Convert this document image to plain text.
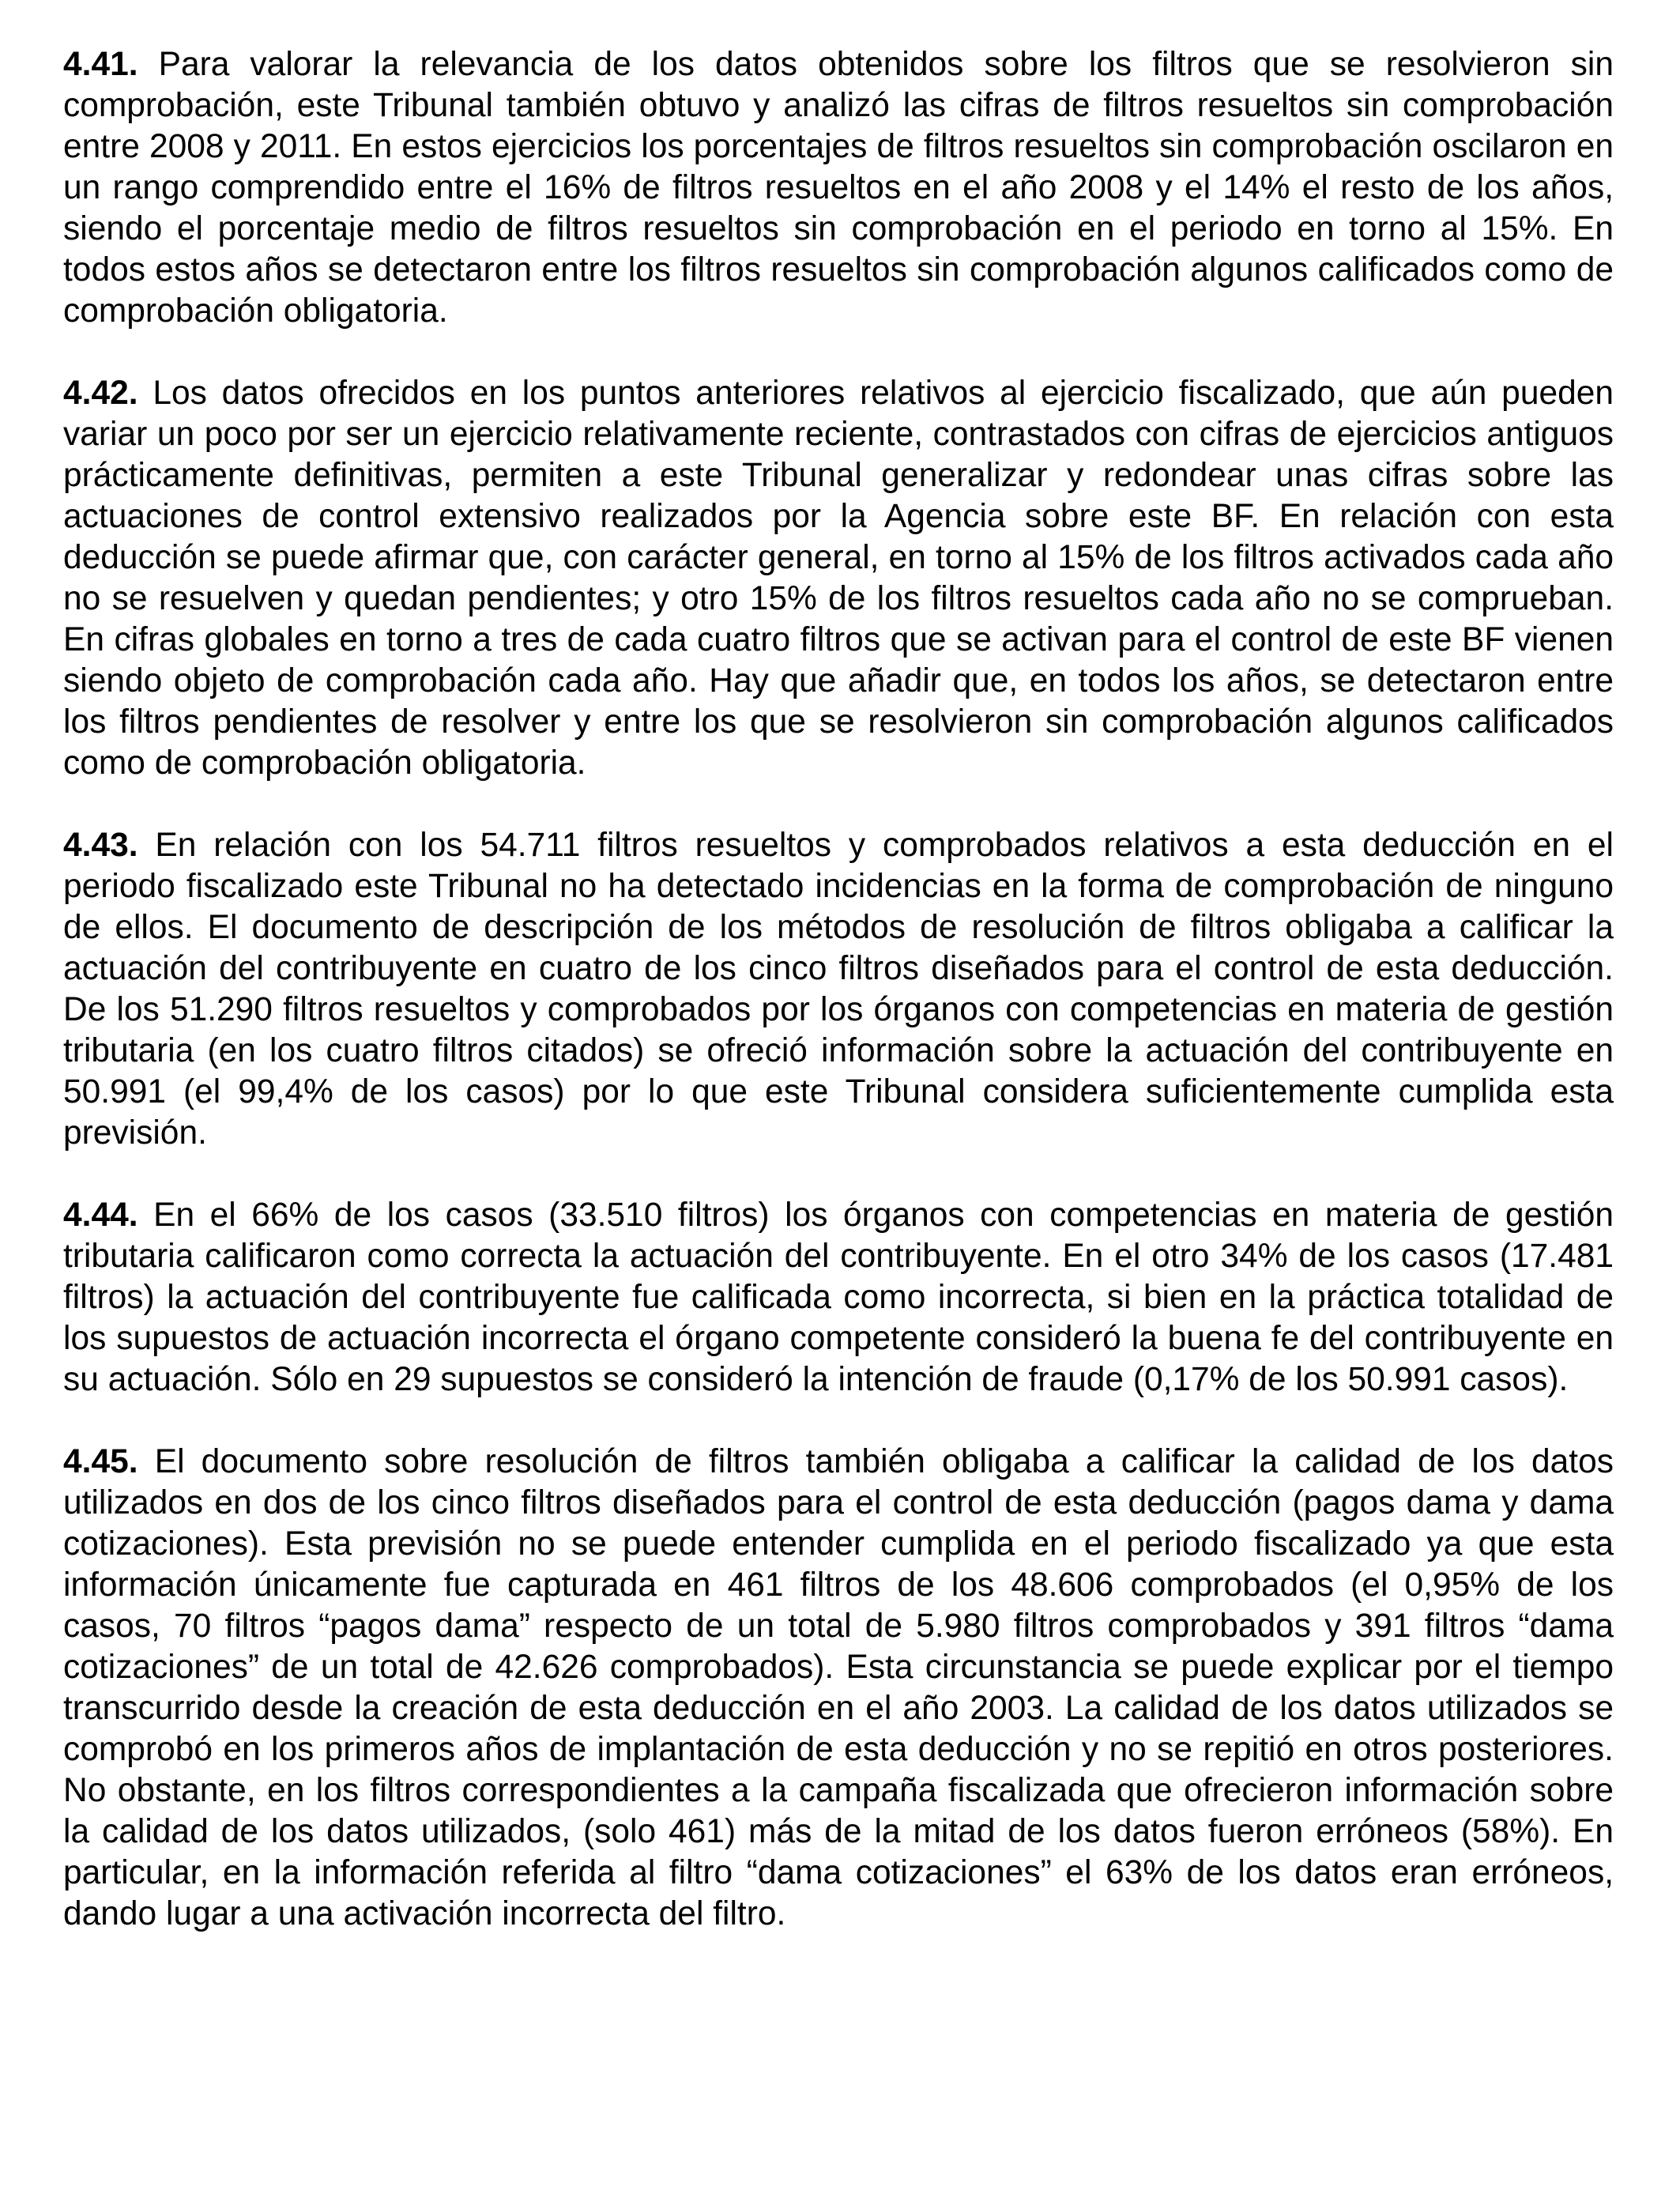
4.41. Para valorar la relevancia de los datos obtenidos sobre los filtros que se resolvieron sin comprobación, este Tribunal también obtuvo y analizó las cifras de filtros resueltos sin comprobación entre 2008 y 2011. En estos ejercicios los porcentajes de filtros resueltos sin comprobación oscilaron en un rango comprendido entre el 16% de filtros resueltos en el año 2008 y el 14% el resto de los años, siendo el porcentaje medio de filtros resueltos sin comprobación en el periodo en torno al 15%. En todos estos años se detectaron entre los filtros resueltos sin comprobación algunos calificados como de comprobación obligatoria.

4.42. Los datos ofrecidos en los puntos anteriores relativos al ejercicio fiscalizado, que aún pueden variar un poco por ser un ejercicio relativamente reciente, contrastados con cifras de ejercicios antiguos prácticamente definitivas, permiten a este Tribunal generalizar y redondear unas cifras sobre las actuaciones de control extensivo realizados por la Agencia sobre este BF. En relación con esta deducción se puede afirmar que, con carácter general, en torno al 15% de los filtros activados cada año no se resuelven y quedan pendientes; y otro 15% de los filtros resueltos cada año no se comprueban. En cifras globales en torno a tres de cada cuatro filtros que se activan para el control de este BF vienen siendo objeto de comprobación cada año. Hay que añadir que, en todos los años, se detectaron entre los filtros pendientes de resolver y entre los que se resolvieron sin comprobación algunos calificados como de comprobación obligatoria.

4.43. En relación con los 54.711 filtros resueltos y comprobados relativos a esta deducción en el periodo fiscalizado este Tribunal no ha detectado incidencias en la forma de comprobación de ninguno de ellos. El documento de descripción de los métodos de resolución de filtros obligaba a calificar la actuación del contribuyente en cuatro de los cinco filtros diseñados para el control de esta deducción. De los 51.290 filtros resueltos y comprobados por los órganos con competencias en materia de gestión tributaria (en los cuatro filtros citados) se ofreció información sobre la actuación del contribuyente en 50.991 (el 99,4% de los casos) por lo que este Tribunal considera suficientemente cumplida esta previsión.

4.44. En el 66% de los casos (33.510 filtros) los órganos con competencias en materia de gestión tributaria calificaron como correcta la actuación del contribuyente. En el otro 34% de los casos (17.481 filtros) la actuación del contribuyente fue calificada como incorrecta, si bien en la práctica totalidad de los supuestos de actuación incorrecta el órgano competente consideró la buena fe del contribuyente en su actuación. Sólo en 29 supuestos se consideró la intención de fraude (0,17% de los 50.991 casos).

4.45. El documento sobre resolución de filtros también obligaba a calificar la calidad de los datos utilizados en dos de los cinco filtros diseñados para el control de esta deducción (pagos dama y dama cotizaciones). Esta previsión no se puede entender cumplida en el periodo fiscalizado ya que esta información únicamente fue capturada en 461 filtros de los 48.606 comprobados (el 0,95% de los casos, 70 filtros “pagos dama” respecto de un total de 5.980 filtros comprobados y 391 filtros “dama cotizaciones” de un total de 42.626 comprobados). Esta circunstancia se puede explicar por el tiempo transcurrido desde la creación de esta deducción en el año 2003. La calidad de los datos utilizados se comprobó en los primeros años de implantación de esta deducción y no se repitió en otros posteriores. No obstante, en los filtros correspondientes a la campaña fiscalizada que ofrecieron información sobre la calidad de los datos utilizados, (solo 461) más de la mitad de los datos fueron erróneos (58%). En particular, en la información referida al filtro “dama cotizaciones” el 63% de los datos eran erróneos, dando lugar a una activación incorrecta del filtro.
